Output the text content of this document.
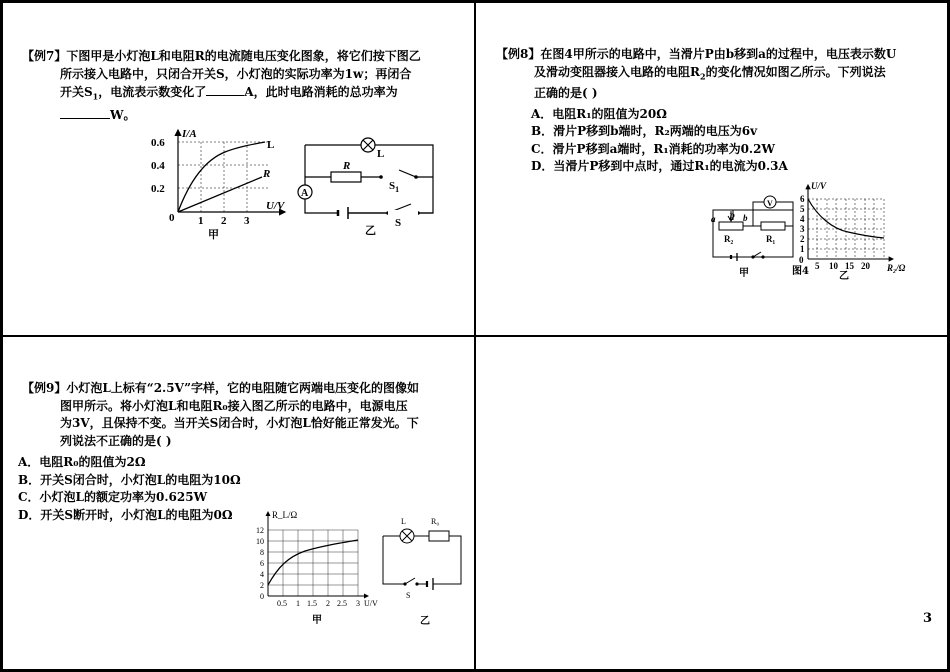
【例7】下图甲是小灯泡L和电阻R的电流随电压变化图象，将它们按下图乙

所示接入电路中，只闭合开关S，小灯泡的实际功率为1w；再闭合

开关$S_1$，电流表示数变化了	A，此时电路消耗的总功率为

W。

I/A
U/V
0.6
0.4
0.2
0 1 2 3
L
R
甲
L
R
A
$S_1$
S
乙

【例8】在图4甲所示的电路中，当滑片P由b移到a的过程中，电压表示数U

及滑动变阻器接入电路的电阻$R_2$的变化情况如图乙所示。下列说法

正确的是( )

A．电阻R₁的阻值为20Ω

B．滑片P移到b端时，R₂两端的电压为6v

C．滑片P移到a端时，R₁消耗的功率为0.2W

D．当滑片P移到中点时，通过R₁的电流为0.3A

a P b
R₂	R₁
V
甲	图4
U/V
6
5
4
3
2
1
0
5 10 15 20 R₂/Ω
乙

【例9】小灯泡L上标有“2.5V”字样，它的电阻随它两端电压变化的图像如

图甲所示。将小灯泡L和电阻R₀接入图乙所示的电路中，电源电压

为3V，且保持不变。当开关S闭合时，小灯泡L恰好能正常发光。下

列说法不正确的是( )

A．电阻R₀的阻值为2Ω

B．开关S闭合时，小灯泡L的电阻为10Ω

C．小灯泡L的额定功率为0.625W

D．开关S断开时，小灯泡L的电阻为0Ω	R_L/Ω
12
10
8
6
4
2
0
0.5 1 1.5 2 2.5 3 U/V
甲
L	R₀
S
乙	3
